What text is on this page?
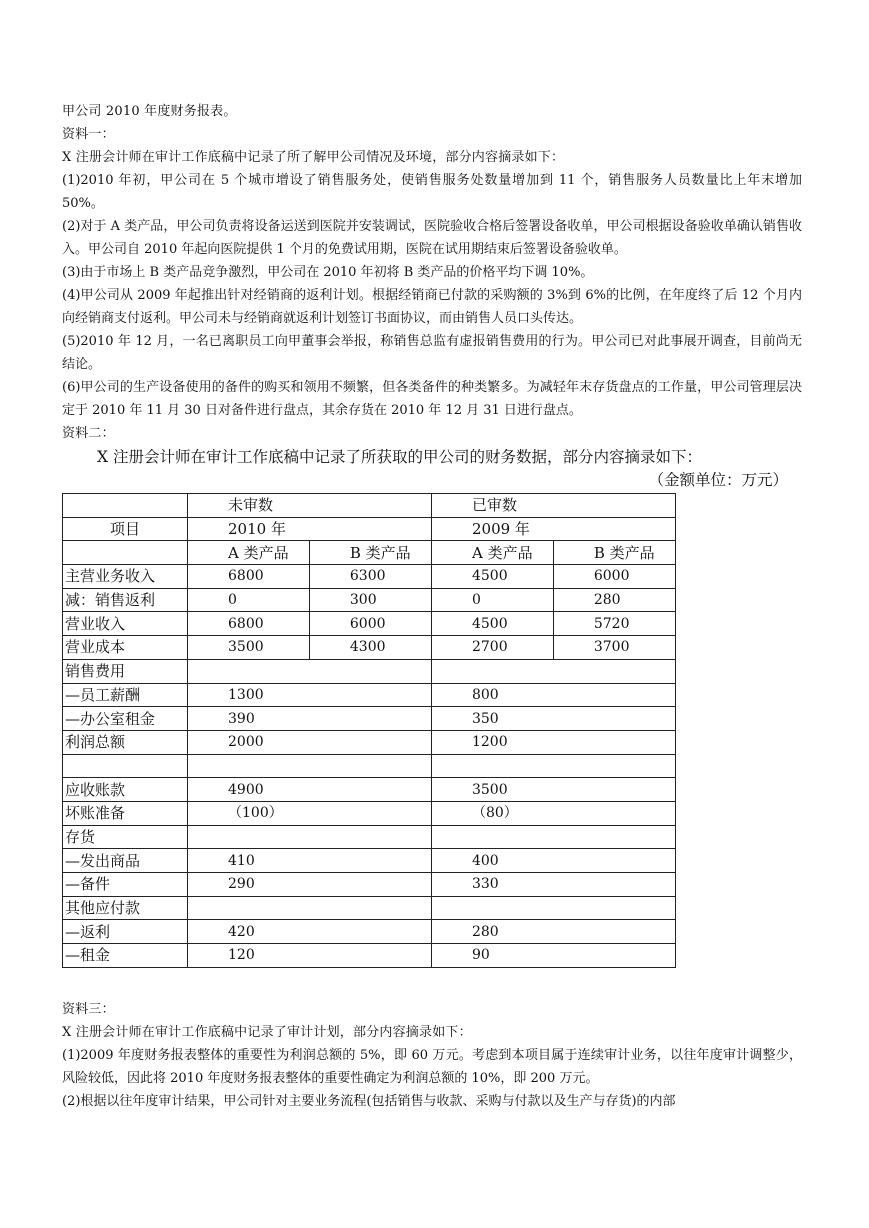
甲公司 2010 年度财务报表。

资料一：

X 注册会计师在审计工作底稿中记录了所了解甲公司情况及环境，部分内容摘录如下：

(1)2010 年初，甲公司在 5 个城市增设了销售服务处，使销售服务处数量增加到 11 个，销售服务人员数量比上年末增加 50%。

(2)对于 A 类产品，甲公司负责将设备运送到医院并安装调试，医院验收合格后签署设备收单，甲公司根据设备验收单确认销售收入。甲公司自 2010 年起向医院提供 1 个月的免费试用期，医院在试用期结束后签署设备验收单。

(3)由于市场上 B 类产品竞争激烈，甲公司在 2010 年初将 B 类产品的价格平均下调 10%。

(4)甲公司从 2009 年起推出针对经销商的返利计划。根据经销商已付款的采购额的 3%到 6%的比例，在年度终了后 12 个月内向经销商支付返利。甲公司未与经销商就返利计划签订书面协议，而由销售人员口头传达。

(5)2010 年 12 月，一名已离职员工向甲董事会举报，称销售总监有虚报销售费用的行为。甲公司已对此事展开调查，目前尚无结论。

(6)甲公司的生产设备使用的备件的购买和领用不频繁，但各类备件的种类繁多。为减轻年末存货盘点的工作量，甲公司管理层决定于 2010 年 11 月 30 日对备件进行盘点，其余存货在 2010 年 12 月 31 日进行盘点。

资料二：

X 注册会计师在审计工作底稿中记录了所获取的甲公司的财务数据，部分内容摘录如下：

（金额单位：万元）

	未审数		已审数	
项目	2010 年		2009 年	
	A 类产品	B 类产品	A 类产品	B 类产品
主营业务收入	6800	6300	4500	6000
减：销售返利	0	300	0	280
营业收入	6800	6000	4500	5720
营业成本	3500	4300	2700	3700
销售费用				
—员工薪酬	1300		800	
—办公室租金	390		350	
利润总额	2000		1200	

应收账款	4900		3500	
坏账准备	（100）		（80）	
存货				
—发出商品	410		400	
—备件	290		330	
其他应付款				
—返利	420		280	
—租金	120		90	

资料三：

X 注册会计师在审计工作底稿中记录了审计计划，部分内容摘录如下：

(1)2009 年度财务报表整体的重要性为利润总额的 5%，即 60 万元。考虑到本项目属于连续审计业务，以往年度审计调整少，风险较低，因此将 2010 年度财务报表整体的重要性确定为利润总额的 10%，即 200 万元。

(2)根据以往年度审计结果，甲公司针对主要业务流程(包括销售与收款、采购与付款以及生产与存货)的内部
